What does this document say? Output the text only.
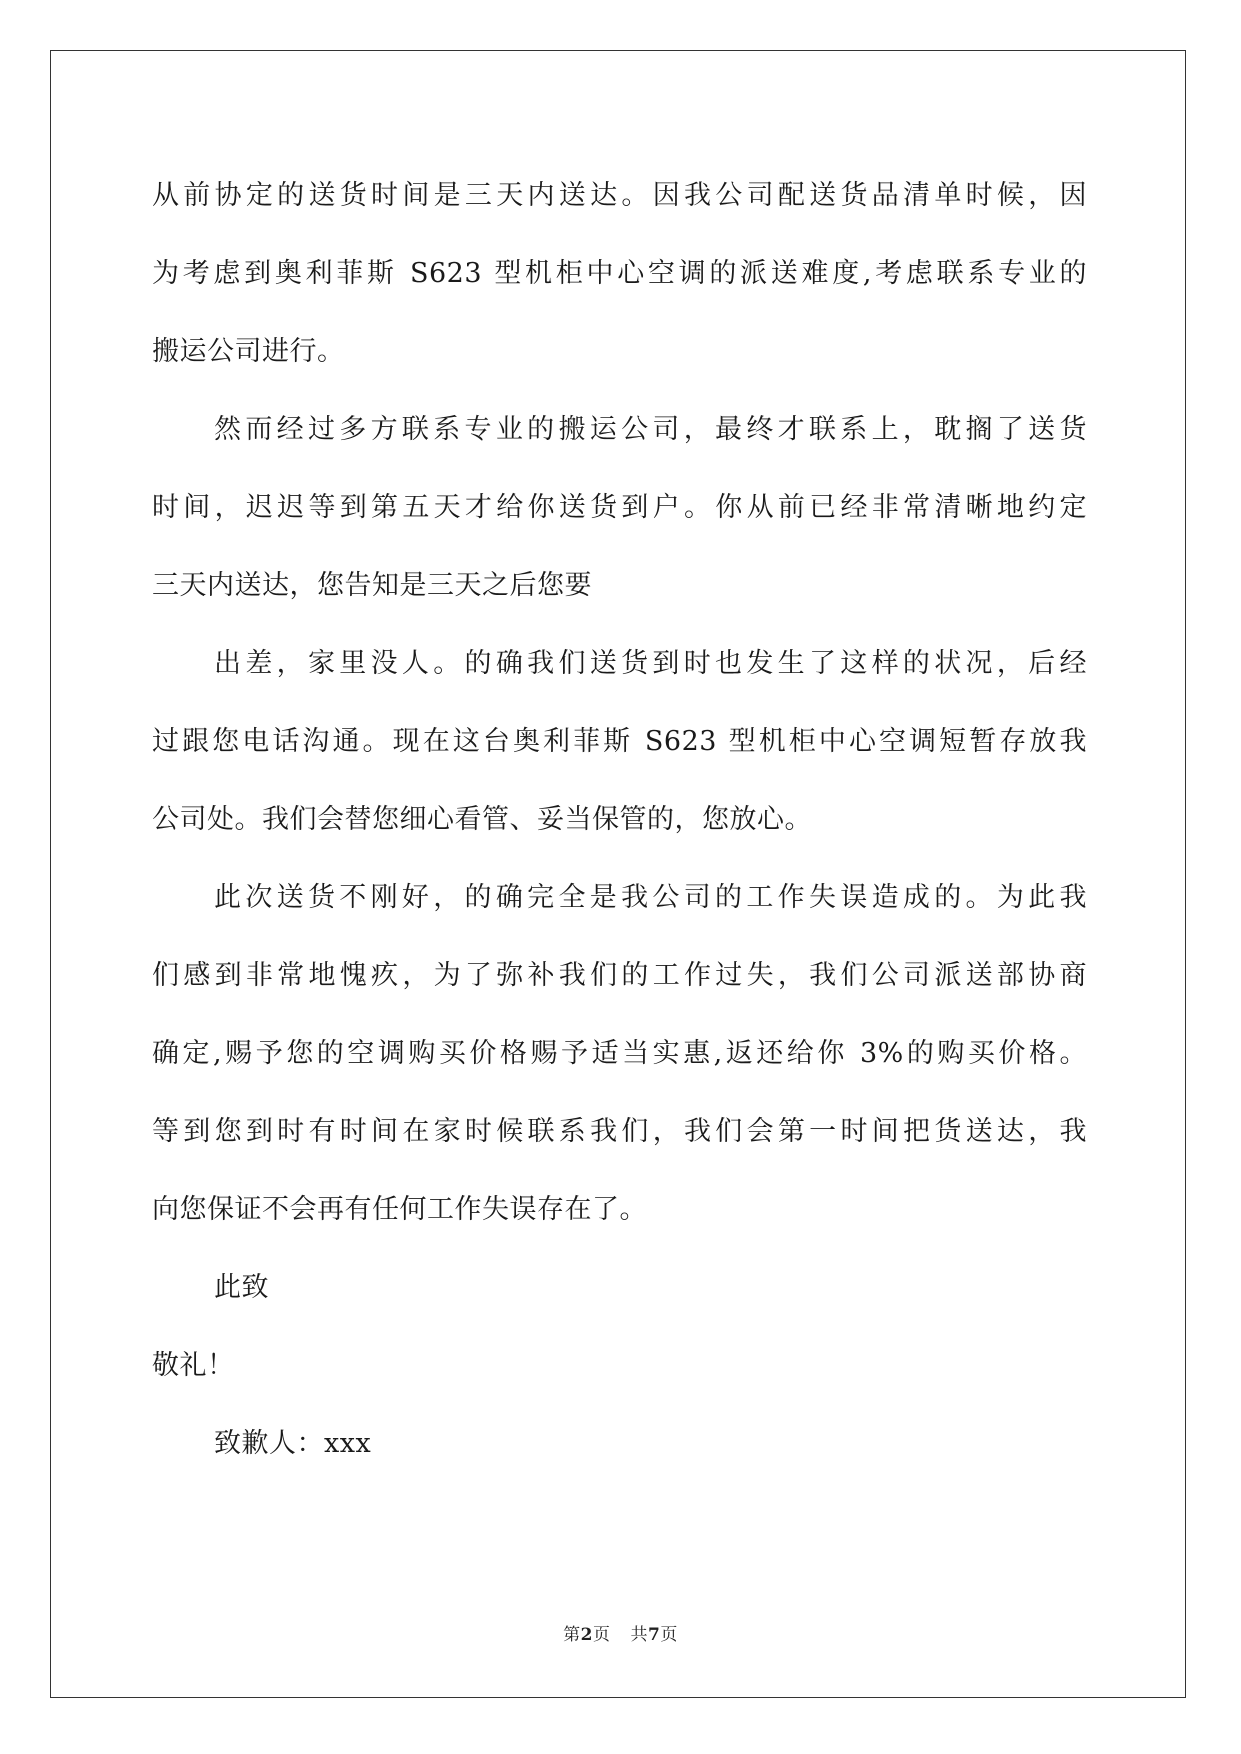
从前协定的送货时间是三天内送达。因我公司配送货品清单时候，因
为考虑到奥利菲斯 S623 型机柜中心空调的派送难度,考虑联系专业的
搬运公司进行。
然而经过多方联系专业的搬运公司，最终才联系上，耽搁了送货
时间，迟迟等到第五天才给你送货到户。你从前已经非常清晰地约定
三天内送达，您告知是三天之后您要
出差，家里没人。的确我们送货到时也发生了这样的状况，后经
过跟您电话沟通。现在这台奥利菲斯 S623 型机柜中心空调短暂存放我
公司处。我们会替您细心看管、妥当保管的，您放心。
此次送货不刚好，的确完全是我公司的工作失误造成的。为此我
们感到非常地愧疚，为了弥补我们的工作过失，我们公司派送部协商
确定,赐予您的空调购买价格赐予适当实惠,返还给你 3%的购买价格。
等到您到时有时间在家时候联系我们，我们会第一时间把货送达，我
向您保证不会再有任何工作失误存在了。
此致
敬礼！
致歉人：xxx
第2页 共7页
